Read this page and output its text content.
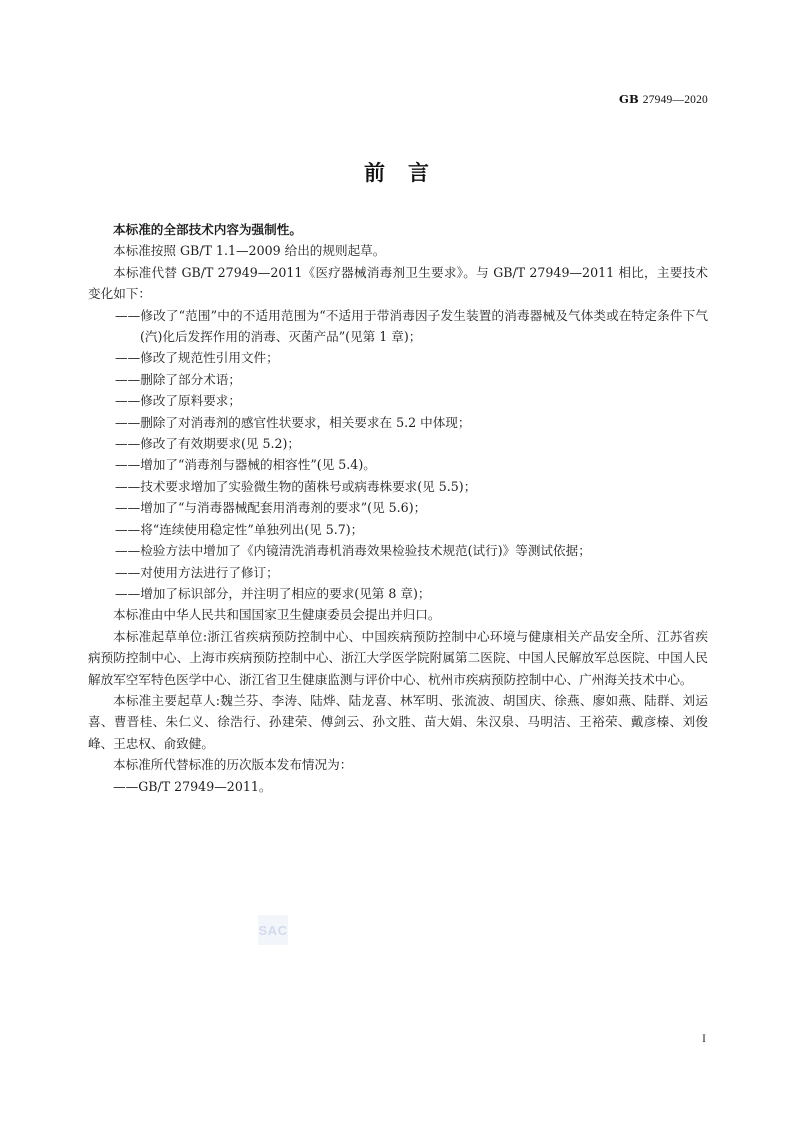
GB 27949—2020
前　言

本标准的全部技术内容为强制性。

本标准按照 GB/T 1.1—2009 给出的规则起草。

本标准代替 GB/T 27949—2011《医疗器械消毒剂卫生要求》。与 GB/T 27949—2011 相比，主要技术变化如下：

——修改了“范围”中的不适用范围为“不适用于带消毒因子发生装置的消毒器械及气体类或在特定条件下气(汽)化后发挥作用的消毒、灭菌产品”(见第 1 章)；

——修改了规范性引用文件；

——删除了部分术语；

——修改了原料要求；

——删除了对消毒剂的感官性状要求，相关要求在 5.2 中体现；

——修改了有效期要求(见 5.2)；

——增加了“消毒剂与器械的相容性”(见 5.4)。

——技术要求增加了实验微生物的菌株号或病毒株要求(见 5.5)；

——增加了“与消毒器械配套用消毒剂的要求”(见 5.6)；

——将“连续使用稳定性”单独列出(见 5.7)；

——检验方法中增加了《内镜清洗消毒机消毒效果检验技术规范(试行)》等测试依据；

——对使用方法进行了修订；

——增加了标识部分，并注明了相应的要求(见第 8 章)；

本标准由中华人民共和国国家卫生健康委员会提出并归口。

本标准起草单位:浙江省疾病预防控制中心、中国疾病预防控制中心环境与健康相关产品安全所、江苏省疾病预防控制中心、上海市疾病预防控制中心、浙江大学医学院附属第二医院、中国人民解放军总医院、中国人民解放军空军特色医学中心、浙江省卫生健康监测与评价中心、杭州市疾病预防控制中心、广州海关技术中心。

本标准主要起草人:魏兰芬、李涛、陆烨、陆龙喜、林军明、张流波、胡国庆、徐燕、廖如燕、陆群、刘运喜、曹晋桂、朱仁义、徐浩行、孙建荣、傅剑云、孙文胜、苗大娟、朱汉泉、马明洁、王裕荣、戴彦榛、刘俊峰、王忠权、俞致健。

本标准所代替标准的历次版本发布情况为：

——GB/T 27949—2011。

SAC
I
